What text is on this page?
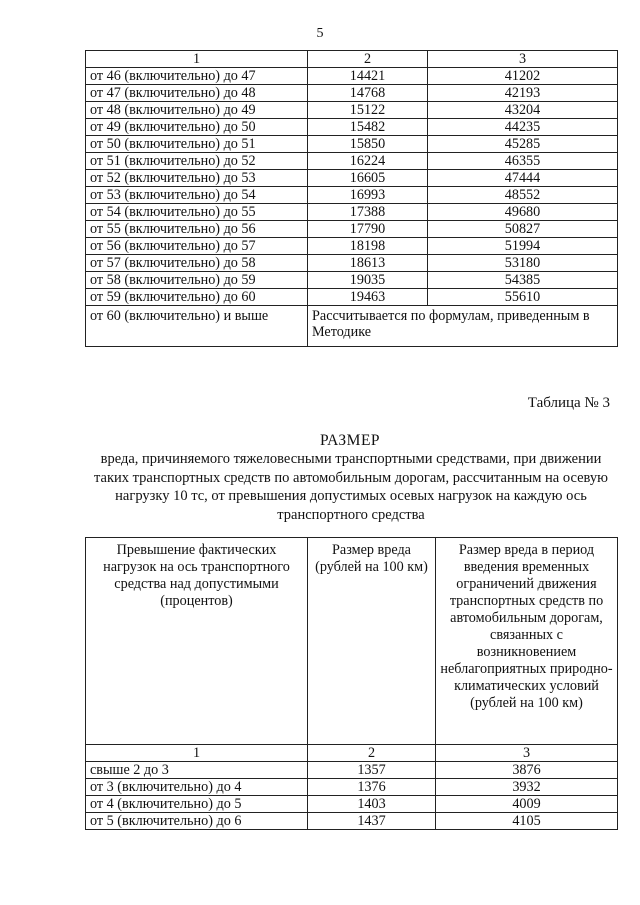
5
1	2	3
от 46 (включительно) до 47	14421	41202
от 47 (включительно) до 48	14768	42193
от 48 (включительно) до 49	15122	43204
от 49 (включительно) до 50	15482	44235
от 50 (включительно) до 51	15850	45285
от 51 (включительно) до 52	16224	46355
от 52 (включительно) до 53	16605	47444
от 53 (включительно) до 54	16993	48552
от 54 (включительно) до 55	17388	49680
от 55 (включительно) до 56	17790	50827
от 56 (включительно) до 57	18198	51994
от 57 (включительно) до 58	18613	53180
от 58 (включительно) до 59	19035	54385
от 59 (включительно) до 60	19463	55610
от 60 (включительно) и выше	Рассчитывается по формулам, приведенным в Методике	
Таблица № 3
РАЗМЕР
вреда, причиняемого тяжеловесными транспортными средствами, при движении таких транспортных средств по автомобильным дорогам, рассчитанным на осевую нагрузку 10 тс, от превышения допустимых осевых нагрузок на каждую ось транспортного средства
Превышение фактических нагрузок на ось транспортного средства над допустимыми (процентов)	Размер вреда (рублей на 100 км)	Размер вреда в период введения временных ограничений движения транспортных средств по автомобильным дорогам, связанных с возникновением неблагоприятных природно-климатических условий (рублей на 100 км)
1	2	3
свыше 2 до 3	1357	3876
от 3 (включительно) до 4	1376	3932
от 4 (включительно) до 5	1403	4009
от 5 (включительно) до 6	1437	4105
